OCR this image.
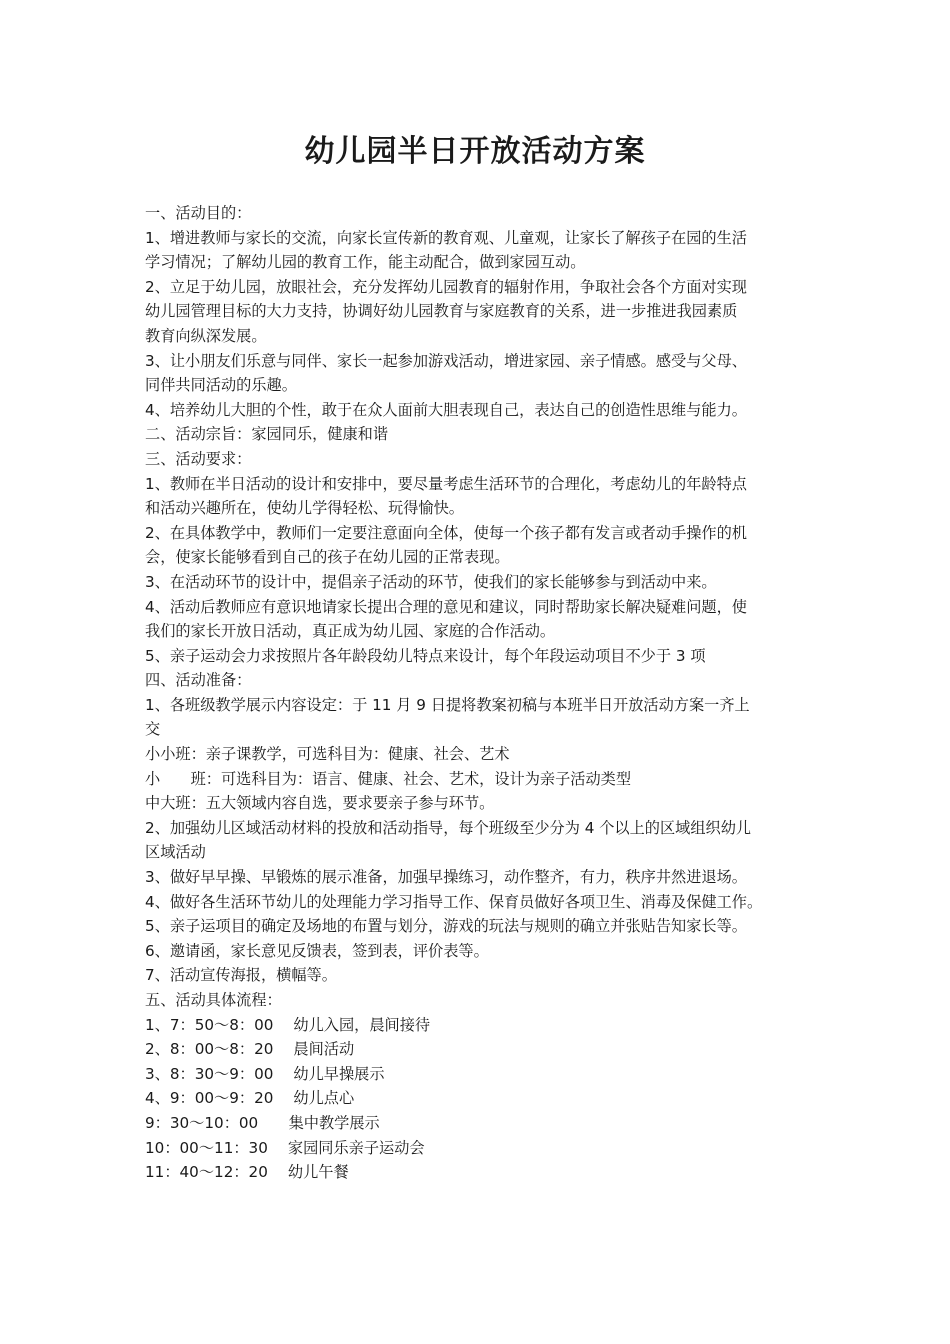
幼儿园半日开放活动方案

一、活动目的：

1、增进教师与家长的交流，向家长宣传新的教育观、儿童观，让家长了解孩子在园的生活

学习情况；了解幼儿园的教育工作，能主动配合，做到家园互动。

2、立足于幼儿园，放眼社会，充分发挥幼儿园教育的辐射作用，争取社会各个方面对实现

幼儿园管理目标的大力支持，协调好幼儿园教育与家庭教育的关系，进一步推进我园素质

教育向纵深发展。

3、让小朋友们乐意与同伴、家长一起参加游戏活动，增进家园、亲子情感。感受与父母、

同伴共同活动的乐趣。

4、培养幼儿大胆的个性，敢于在众人面前大胆表现自己，表达自己的创造性思维与能力。

二、活动宗旨：家园同乐，健康和谐

三、活动要求：

1、教师在半日活动的设计和安排中，要尽量考虑生活环节的合理化，考虑幼儿的年龄特点

和活动兴趣所在，使幼儿学得轻松、玩得愉快。

2、在具体教学中，教师们一定要注意面向全体，使每一个孩子都有发言或者动手操作的机

会，使家长能够看到自己的孩子在幼儿园的正常表现。

3、在活动环节的设计中，提倡亲子活动的环节，使我们的家长能够参与到活动中来。

4、活动后教师应有意识地请家长提出合理的意见和建议，同时帮助家长解决疑难问题，使

我们的家长开放日活动，真正成为幼儿园、家庭的合作活动。

5、亲子运动会力求按照片各年龄段幼儿特点来设计，每个年段运动项目不少于 3 项

四、活动准备：

1、各班级教学展示内容设定：于 11 月 9 日提将教案初稿与本班半日开放活动方案一齐上

交

小小班：亲子课教学，可选科目为：健康、社会、艺术

小　　班：可选科目为：语言、健康、社会、艺术，设计为亲子活动类型

中大班：五大领域内容自选，要求要亲子参与环节。

2、加强幼儿区域活动材料的投放和活动指导，每个班级至少分为 4 个以上的区域组织幼儿

区域活动

3、做好早早操、早锻炼的展示准备，加强早操练习，动作整齐，有力，秩序井然进退场。

4、做好各生活环节幼儿的处理能力学习指导工作、保育员做好各项卫生、消毒及保健工作。

5、亲子运项目的确定及场地的布置与划分，游戏的玩法与规则的确立并张贴告知家长等。

6、邀请函，家长意见反馈表，签到表，评价表等。

7、活动宣传海报，横幅等。

五、活动具体流程：

1、7：50～8：00　 幼儿入园，晨间接待

2、8：00～8：20　 晨间活动

3、8：30～9：00　 幼儿早操展示

4、9：00～9：20　 幼儿点心

9：30～10：00　　集中教学展示

10：00～11：30　 家园同乐亲子运动会

11：40～12：20　 幼儿午餐
